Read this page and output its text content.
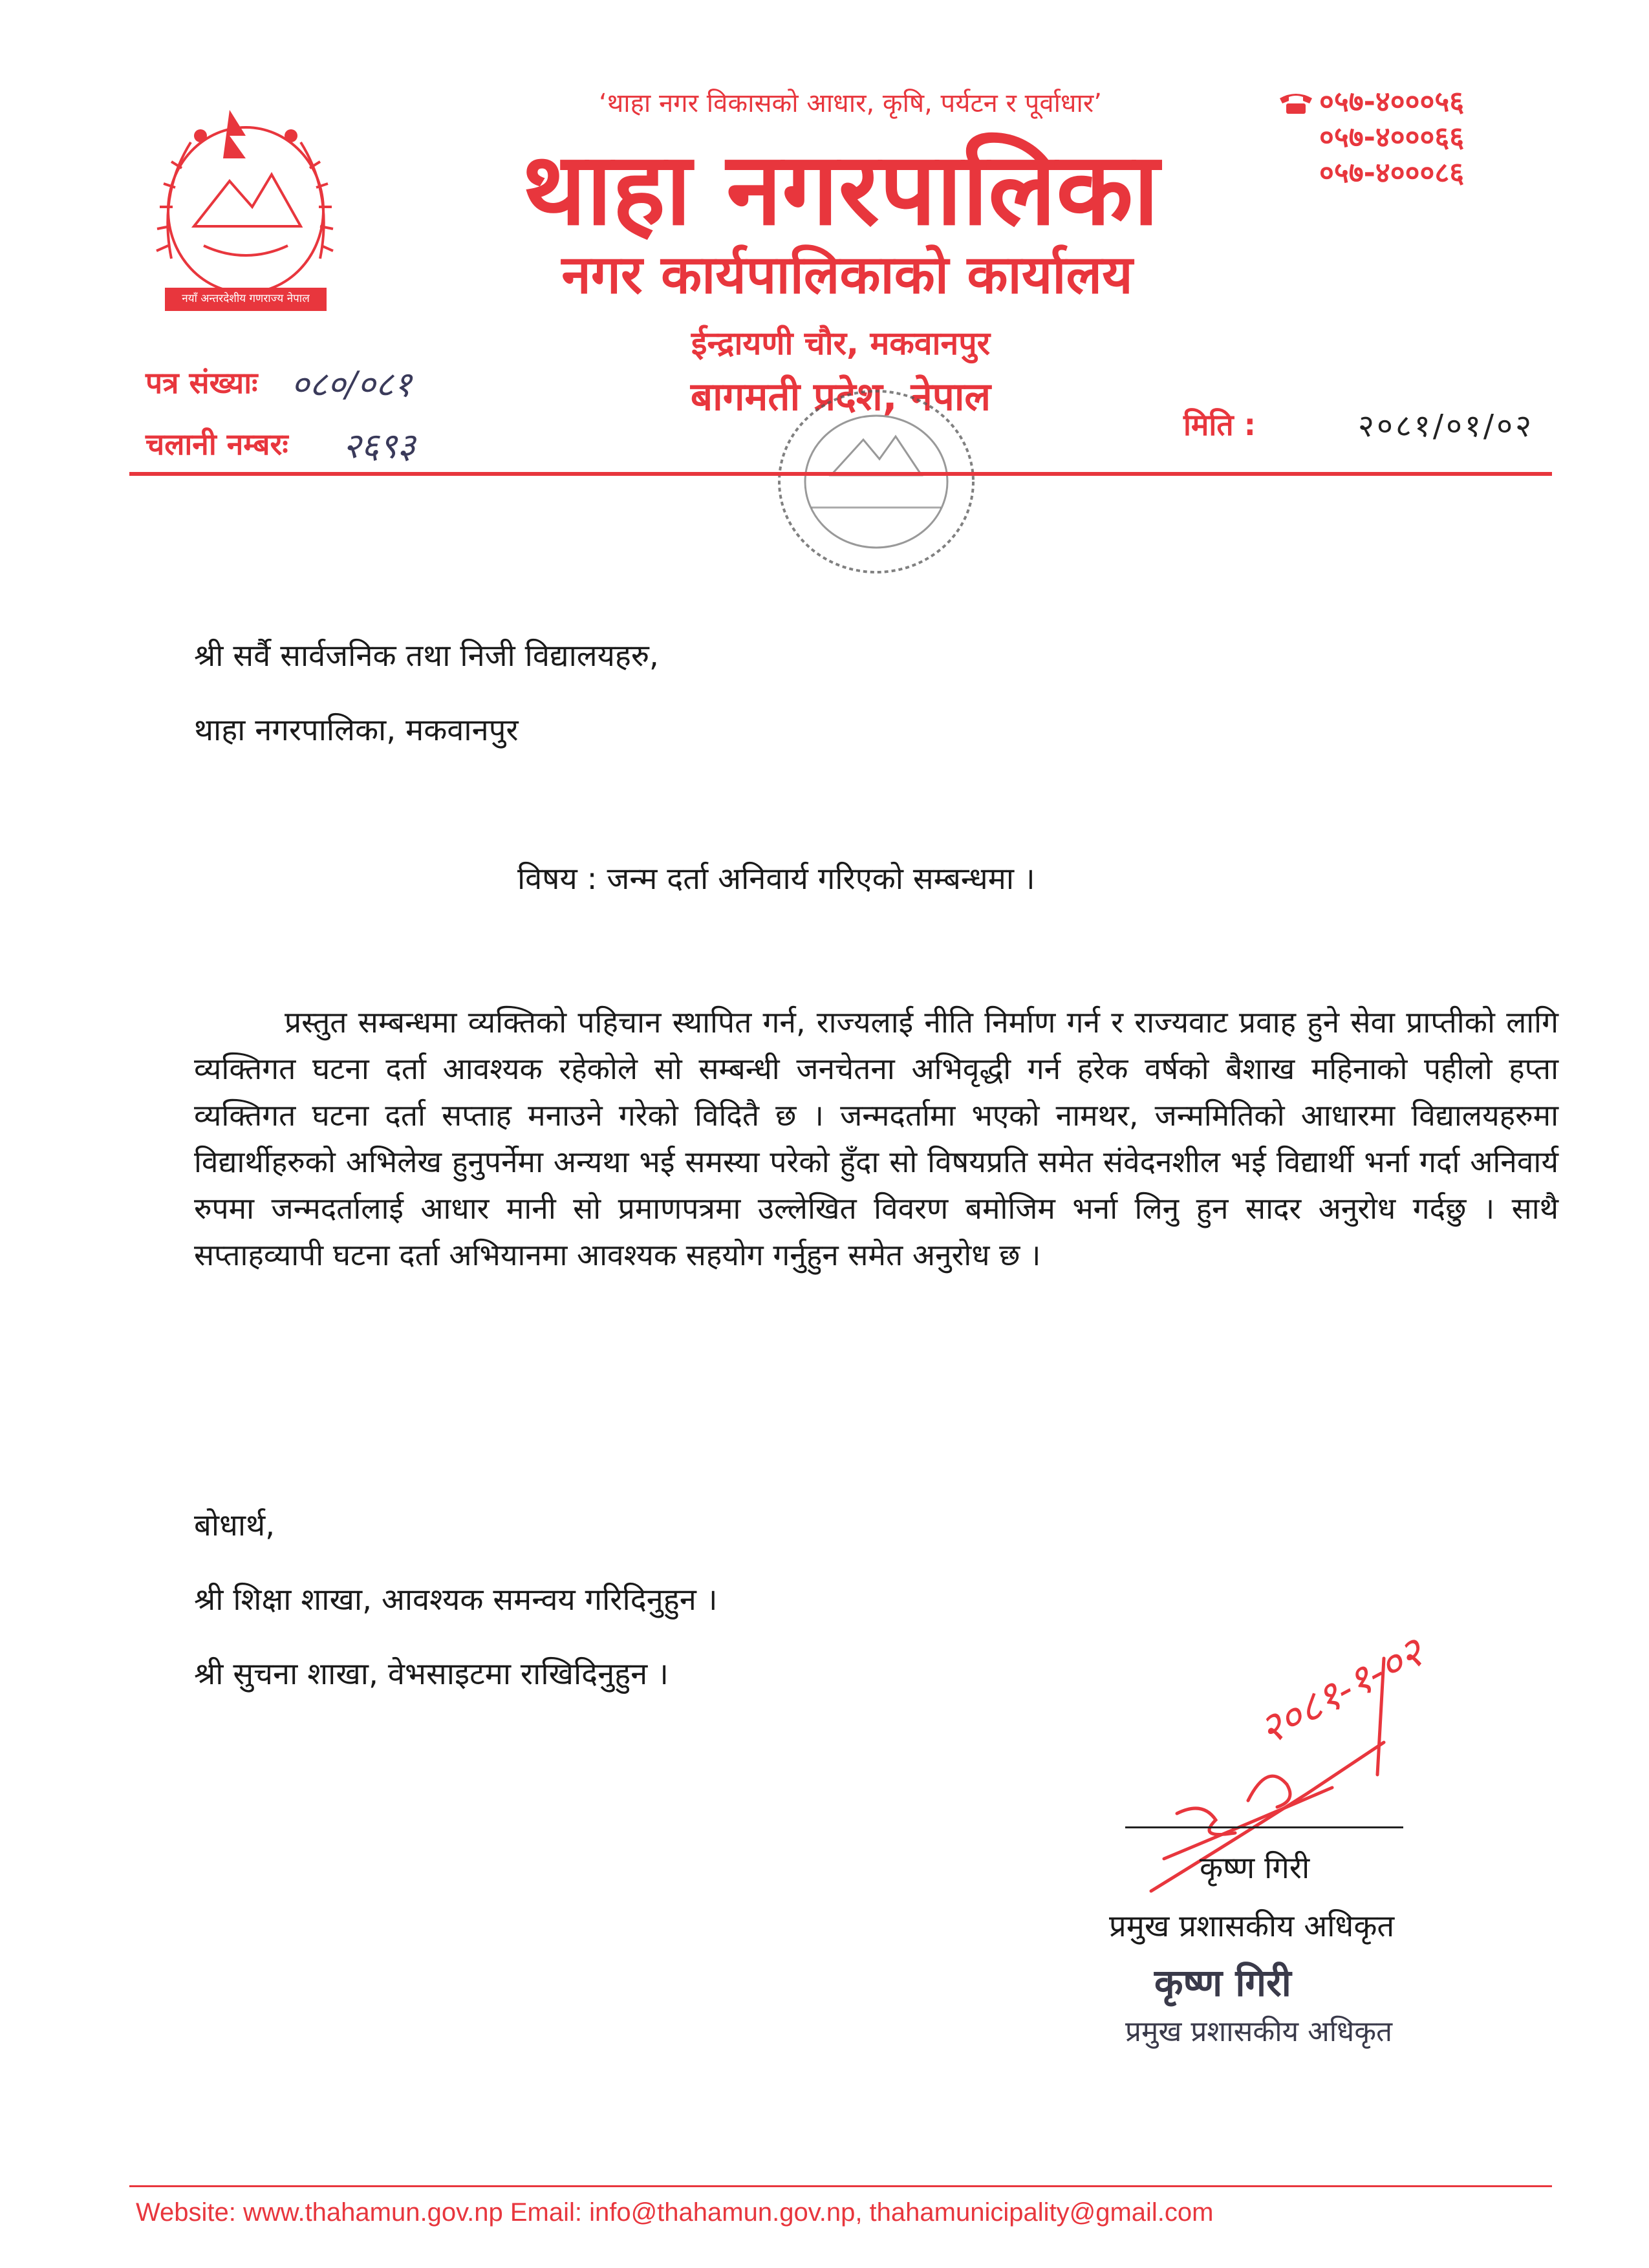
नयाँ अन्तरदेशीय गणराज्य नेपाल
‘थाहा नगर विकासको आधार, कृषि, पर्यटन र पूर्वाधार’
थाहा नगरपालिका
नगर कार्यपालिकाको कार्यालय
ईन्द्रायणी चौर, मकवानपुर
बागमती प्रदेश, नेपाल
०५७-४०००५६
०५७-४०००६६
०५७-४०००८६
पत्र संख्याः ०८०/०८१
चलानी नम्बरः २६९३
मिति :	२०८१/०१/०२
श्री सर्वै सार्वजनिक तथा निजी विद्यालयहरु,
थाहा नगरपालिका, मकवानपुर
विषय : जन्म दर्ता अनिवार्य गरिएको सम्बन्धमा ।
प्रस्तुत सम्बन्धमा व्यक्तिको पहिचान स्थापित गर्न, राज्यलाई नीति निर्माण गर्न र राज्यवाट प्रवाह हुने सेवा प्राप्तीको लागि व्यक्तिगत घटना दर्ता आवश्यक रहेकोले सो सम्बन्धी जनचेतना अभिवृद्धी गर्न हरेक वर्षको बैशाख महिनाको पहीलो हप्ता व्यक्तिगत घटना दर्ता सप्ताह मनाउने गरेको विदितै छ । जन्मदर्तामा भएको नामथर, जन्ममितिको आधारमा विद्यालयहरुमा विद्यार्थीहरुको अभिलेख हुनुपर्नेमा अन्यथा भई समस्या परेको हुँदा सो विषयप्रति समेत संवेदनशील भई विद्यार्थी भर्ना गर्दा अनिवार्य रुपमा जन्मदर्तालाई आधार मानी सो प्रमाणपत्रमा उल्लेखित विवरण बमोजिम भर्ना लिनु हुन सादर अनुरोध गर्दछु । साथै सप्ताहव्यापी घटना दर्ता अभियानमा आवश्यक सहयोग गर्नुहुन समेत अनुरोध छ ।
बोधार्थ,
श्री शिक्षा शाखा, आवश्यक समन्वय गरिदिनुहुन ।
श्री सुचना शाखा, वेभसाइटमा राखिदिनुहुन ।	२०८१-१-०२
कृष्ण गिरी
प्रमुख प्रशासकीय अधिकृत
कृष्ण गिरी
प्रमुख प्रशासकीय अधिकृत
Website: www.thahamun.gov.np Email: info@thahamun.gov.np, thahamunicipality@gmail.com
